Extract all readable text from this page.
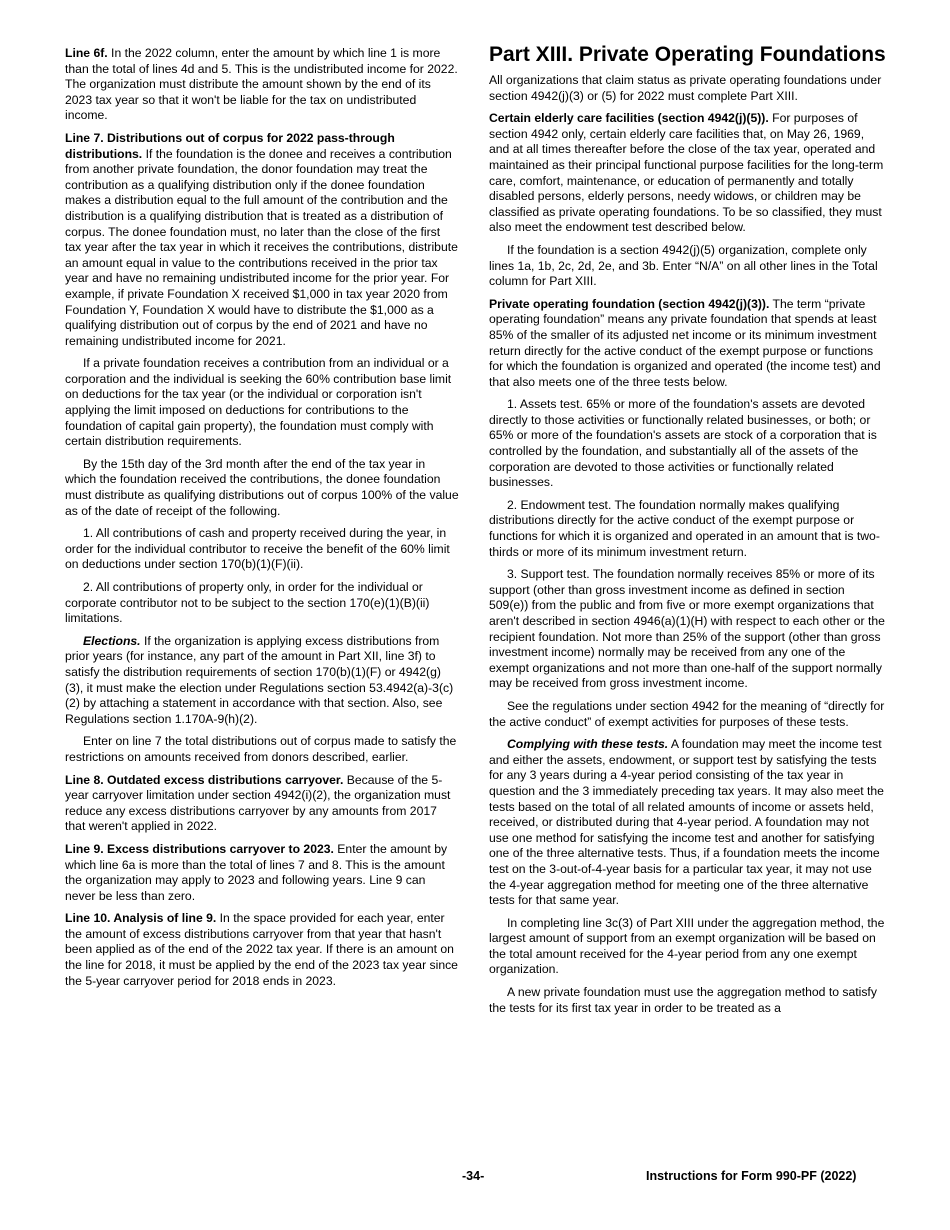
Line 6f. In the 2022 column, enter the amount by which line 1 is more than the total of lines 4d and 5. This is the undistributed income for 2022. The organization must distribute the amount shown by the end of its 2023 tax year so that it won't be liable for the tax on undistributed income.

Line 7. Distributions out of corpus for 2022 pass-through distributions. If the foundation is the donee and receives a contribution from another private foundation, the donor foundation may treat the contribution as a qualifying distribution only if the donee foundation makes a distribution equal to the full amount of the contribution and the distribution is a qualifying distribution that is treated as a distribution of corpus. The donee foundation must, no later than the close of the first tax year after the tax year in which it receives the contributions, distribute an amount equal in value to the contributions received in the prior tax year and have no remaining undistributed income for the prior year. For example, if private Foundation X received $1,000 in tax year 2020 from Foundation Y, Foundation X would have to distribute the $1,000 as a qualifying distribution out of corpus by the end of 2021 and have no remaining undistributed income for 2021.

If a private foundation receives a contribution from an individual or a corporation and the individual is seeking the 60% contribution base limit on deductions for the tax year (or the individual or corporation isn't applying the limit imposed on deductions for contributions to the foundation of capital gain property), the foundation must comply with certain distribution requirements.

By the 15th day of the 3rd month after the end of the tax year in which the foundation received the contributions, the donee foundation must distribute as qualifying distributions out of corpus 100% of the value as of the date of receipt of the following.

1. All contributions of cash and property received during the year, in order for the individual contributor to receive the benefit of the 60% limit on deductions under section 170(b)(1)(F)(ii).

2. All contributions of property only, in order for the individual or corporate contributor not to be subject to the section 170(e)(1)(B)(ii) limitations.

Elections. If the organization is applying excess distributions from prior years (for instance, any part of the amount in Part XII, line 3f) to satisfy the distribution requirements of section 170(b)(1)(F) or 4942(g)(3), it must make the election under Regulations section 53.4942(a)-3(c)(2) by attaching a statement in accordance with that section. Also, see Regulations section 1.170A-9(h)(2).

Enter on line 7 the total distributions out of corpus made to satisfy the restrictions on amounts received from donors described, earlier.

Line 8. Outdated excess distributions carryover. Because of the 5-year carryover limitation under section 4942(i)(2), the organization must reduce any excess distributions carryover by any amounts from 2017 that weren't applied in 2022.

Line 9. Excess distributions carryover to 2023. Enter the amount by which line 6a is more than the total of lines 7 and 8. This is the amount the organization may apply to 2023 and following years. Line 9 can never be less than zero.

Line 10. Analysis of line 9. In the space provided for each year, enter the amount of excess distributions carryover from that year that hasn't been applied as of the end of the 2022 tax year. If there is an amount on the line for 2018, it must be applied by the end of the 2023 tax year since the 5-year carryover period for 2018 ends in 2023.

Part XIII. Private Operating Foundations

All organizations that claim status as private operating foundations under section 4942(j)(3) or (5) for 2022 must complete Part XIII.

Certain elderly care facilities (section 4942(j)(5)). For purposes of section 4942 only, certain elderly care facilities that, on May 26, 1969, and at all times thereafter before the close of the tax year, operated and maintained as their principal functional purpose facilities for the long-term care, comfort, maintenance, or education of permanently and totally disabled persons, elderly persons, needy widows, or children may be classified as private operating foundations. To be so classified, they must also meet the endowment test described below.

If the foundation is a section 4942(j)(5) organization, complete only lines 1a, 1b, 2c, 2d, 2e, and 3b. Enter “N/A” on all other lines in the Total column for Part XIII.

Private operating foundation (section 4942(j)(3)). The term “private operating foundation” means any private foundation that spends at least 85% of the smaller of its adjusted net income or its minimum investment return directly for the active conduct of the exempt purpose or functions for which the foundation is organized and operated (the income test) and that also meets one of the three tests below.

1. Assets test. 65% or more of the foundation's assets are devoted directly to those activities or functionally related businesses, or both; or 65% or more of the foundation's assets are stock of a corporation that is controlled by the foundation, and substantially all of the assets of the corporation are devoted to those activities or functionally related businesses.

2. Endowment test. The foundation normally makes qualifying distributions directly for the active conduct of the exempt purpose or functions for which it is organized and operated in an amount that is two-thirds or more of its minimum investment return.

3. Support test. The foundation normally receives 85% or more of its support (other than gross investment income as defined in section 509(e)) from the public and from five or more exempt organizations that aren't described in section 4946(a)(1)(H) with respect to each other or the recipient foundation. Not more than 25% of the support (other than gross investment income) normally may be received from any one of the exempt organizations and not more than one-half of the support normally may be received from gross investment income.

See the regulations under section 4942 for the meaning of “directly for the active conduct” of exempt activities for purposes of these tests.

Complying with these tests. A foundation may meet the income test and either the assets, endowment, or support test by satisfying the tests for any 3 years during a 4-year period consisting of the tax year in question and the 3 immediately preceding tax years. It may also meet the tests based on the total of all related amounts of income or assets held, received, or distributed during that 4-year period. A foundation may not use one method for satisfying the income test and another for satisfying one of the three alternative tests. Thus, if a foundation meets the income test on the 3-out-of-4-year basis for a particular tax year, it may not use the 4-year aggregation method for meeting one of the three alternative tests for that same year.

In completing line 3c(3) of Part XIII under the aggregation method, the largest amount of support from an exempt organization will be based on the total amount received for the 4-year period from any one exempt organization.

A new private foundation must use the aggregation method to satisfy the tests for its first tax year in order to be treated as a

-34-	Instructions for Form 990-PF (2022)
